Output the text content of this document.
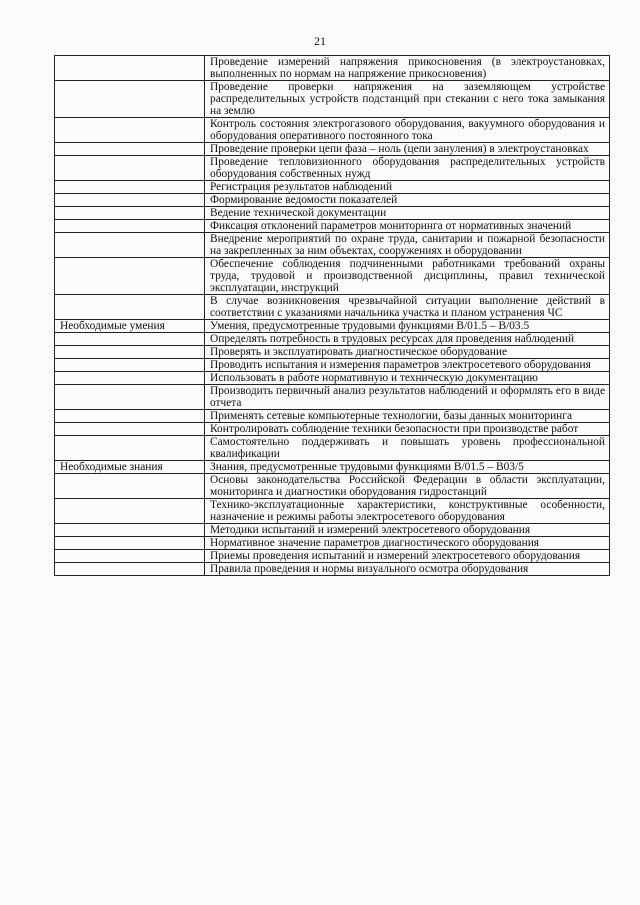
21
	Проведение измерений напряжения прикосновения (в электроустановках, выполненных по нормам на напряжение прикосновения)
	Проведение проверки напряжения на заземляющем устройстве распределительных устройств подстанций при стекании с него тока замыкания на землю
	Контроль состояния электрогазового оборудования, вакуумного оборудования и оборудования оперативного постоянного тока
	Проведение проверки цепи фаза – ноль (цепи зануления) в электроустановках
	Проведение тепловизионного оборудования распределительных устройств оборудования собственных нужд
	Регистрация результатов наблюдений
	Формирование ведомости показателей
	Ведение технической документации
	Фиксация отклонений параметров мониторинга от нормативных значений
	Внедрение мероприятий по охране труда, санитарии и пожарной безопасности на закрепленных за ним объектах, сооружениях и оборудовании
	Обеспечение соблюдения подчиненными работниками требований охраны труда, трудовой и производственной дисциплины, правил технической эксплуатации, инструкций
	В случае возникновения чрезвычайной ситуации выполнение действий в соответствии с указаниями начальника участка и планом устранения ЧС

Необходимые умения	Умения, предусмотренные трудовыми функциями B/01.5 – B/03.5
	Определять потребность в трудовых ресурсах для проведения наблюдений
	Проверять и эксплуатировать диагностическое оборудование
	Проводить испытания и измерения параметров электросетевого оборудования
	Использовать в работе нормативную и техническую документацию
	Производить первичный анализ результатов наблюдений и оформлять его в виде отчета
	Применять сетевые компьютерные технологии, базы данных мониторинга
	Контролировать соблюдение техники безопасности при производстве работ
	Самостоятельно поддерживать и повышать уровень профессиональной квалификации

Необходимые знания	Знания, предусмотренные трудовыми функциями B/01.5 – B03/5
	Основы законодательства Российской Федерации в области эксплуатации, мониторинга и диагностики оборудования гидростанций
	Технико-эксплуатационные характеристики, конструктивные особенности, назначение и режимы работы электросетевого оборудования
	Методики испытаний и измерений электросетевого оборудования
	Нормативное значение параметров диагностического оборудования
	Приемы проведения испытаний и измерений электросетевого оборудования
	Правила проведения и нормы визуального осмотра оборудования
